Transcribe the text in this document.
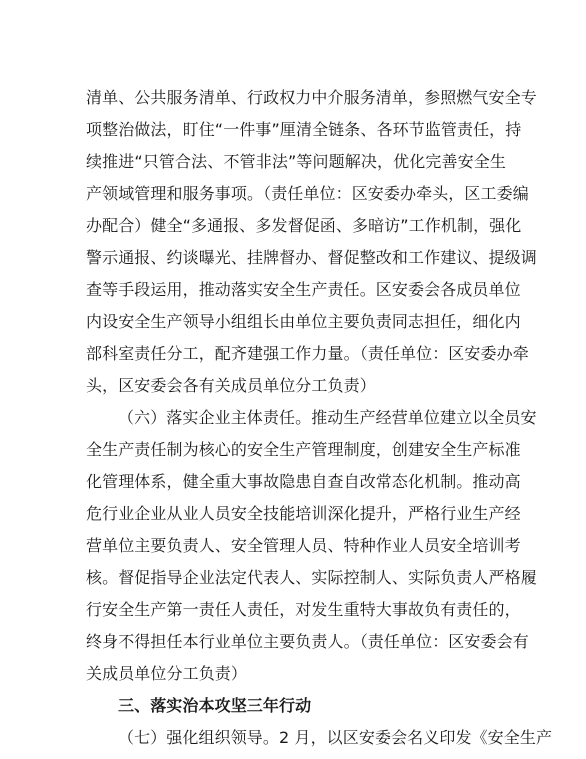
清单、公共服务清单、行政权力中介服务清单，参照燃气安全专
项整治做法，盯住“一件事”厘清全链条、各环节监管责任，持
续推进“只管合法、不管非法”等问题解决，优化完善安全生
产领域管理和服务事项。（责任单位：区安委办牵头，区工委编
办配合）健全“多通报、多发督促函、多暗访”工作机制，强化
警示通报、约谈曝光、挂牌督办、督促整改和工作建议、提级调
查等手段运用，推动落实安全生产责任。区安委会各成员单位
内设安全生产领导小组组长由单位主要负责同志担任，细化内
部科室责任分工，配齐建强工作力量。（责任单位：区安委办牵
头，区安委会各有关成员单位分工负责）
（六）落实企业主体责任。推动生产经营单位建立以全员安
全生产责任制为核心的安全生产管理制度，创建安全生产标准
化管理体系，健全重大事故隐患自查自改常态化机制。推动高
危行业企业从业人员安全技能培训深化提升，严格行业生产经
营单位主要负责人、安全管理人员、特种作业人员安全培训考
核。督促指导企业法定代表人、实际控制人、实际负责人严格履
行安全生产第一责任人责任，对发生重特大事故负有责任的，
终身不得担任本行业单位主要负责人。（责任单位：区安委会有
关成员单位分工负责）
三、落实治本攻坚三年行动
（七）强化组织领导。2 月，以区安委会名义印发《安全生产
